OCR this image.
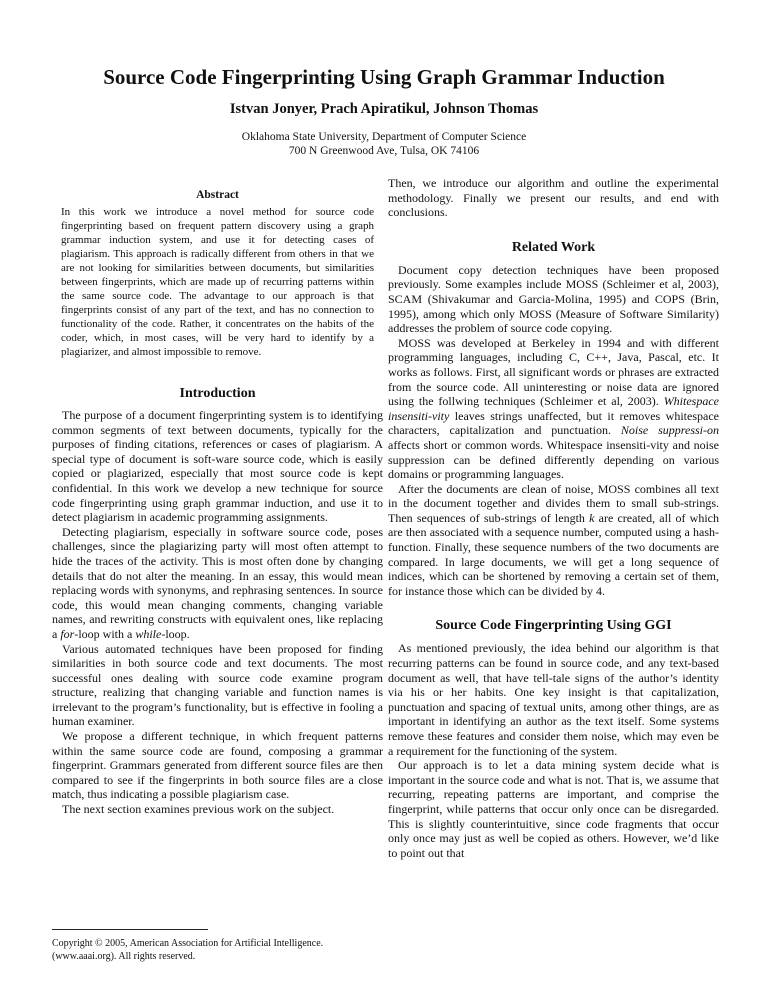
Source Code Fingerprinting Using Graph Grammar Induction
Istvan Jonyer, Prach Apiratikul, Johnson Thomas
Oklahoma State University, Department of Computer Science
700 N Greenwood Ave, Tulsa, OK 74106
Abstract
In this work we introduce a novel method for source code fingerprinting based on frequent pattern discovery using a graph grammar induction system, and use it for detecting cases of plagiarism. This approach is radically different from others in that we are not looking for similarities between documents, but similarities between fingerprints, which are made up of recurring patterns within the same source code. The advantage to our approach is that fingerprints consist of any part of the text, and has no connection to functionality of the code. Rather, it concentrates on the habits of the coder, which, in most cases, will be very hard to identify by a plagiarizer, and almost impossible to remove.
Introduction

The purpose of a document fingerprinting system is to identifying common segments of text between documents, typically for the purposes of finding citations, references or cases of plagiarism. A special type of document is soft-ware source code, which is easily copied or plagiarized, especially that most source code is kept confidential. In this work we develop a new technique for source code fingerprinting using graph grammar induction, and use it to detect plagiarism in academic programming assignments.

Detecting plagiarism, especially in software source code, poses challenges, since the plagiarizing party will most often attempt to hide the traces of the activity. This is most often done by changing details that do not alter the meaning. In an essay, this would mean replacing words with synonyms, and rephrasing sentences. In source code, this would mean changing comments, changing variable names, and rewriting constructs with equivalent ones, like replacing a for-loop with a while-loop.

Various automated techniques have been proposed for finding similarities in both source code and text documents. The most successful ones dealing with source code examine program structure, realizing that changing variable and function names is irrelevant to the program’s functionality, but is effective in fooling a human examiner.

We propose a different technique, in which frequent patterns within the same source code are found, composing a grammar fingerprint. Grammars generated from different source files are then compared to see if the fingerprints in both source files are a close match, thus indicating a possible plagiarism case.

The next section examines previous work on the subject.

Copyright © 2005, American Association for Artificial Intelligence.
(www.aaai.org). All rights reserved.

Then, we introduce our algorithm and outline the experimental methodology. Finally we present our results, and end with conclusions.

Related Work

Document copy detection techniques have been proposed previously. Some examples include MOSS (Schleimer et al, 2003), SCAM (Shivakumar and Garcia-Molina, 1995) and COPS (Brin, 1995), among which only MOSS (Measure of Software Similarity) addresses the problem of source code copying.

MOSS was developed at Berkeley in 1994 and with different programming languages, including C, C++, Java, Pascal, etc. It works as follows. First, all significant words or phrases are extracted from the source code. All uninteresting or noise data are ignored using the follwing techniques (Schleimer et al, 2003). Whitespace insensiti-vity leaves strings unaffected, but it removes whitespace characters, capitalization and punctuation. Noise suppressi-on affects short or common words. Whitespace insensiti-vity and noise suppression can be defined differently depending on various domains or programming languages.

After the documents are clean of noise, MOSS combines all text in the document together and divides them to small sub-strings. Then sequences of sub-strings of length k are created, all of which are then associated with a sequence number, computed using a hash-function. Finally, these sequence numbers of the two documents are compared. In large documents, we will get a long sequence of indices, which can be shortened by removing a certain set of them, for instance those which can be divided by 4.

Source Code Fingerprinting Using GGI

As mentioned previously, the idea behind our algorithm is that recurring patterns can be found in source code, and any text-based document as well, that have tell-tale signs of the author’s identity via his or her habits. One key insight is that capitalization, punctuation and spacing of textual units, among other things, are as important in identifying an author as the text itself. Some systems remove these features and consider them noise, which may even be a requirement for the functioning of the system.

Our approach is to let a data mining system decide what is important in the source code and what is not. That is, we assume that recurring, repeating patterns are important, and comprise the fingerprint, while patterns that occur only once can be disregarded. This is slightly counterintuitive, since code fragments that occur only once may just as well be copied as others. However, we’d like to point out that
